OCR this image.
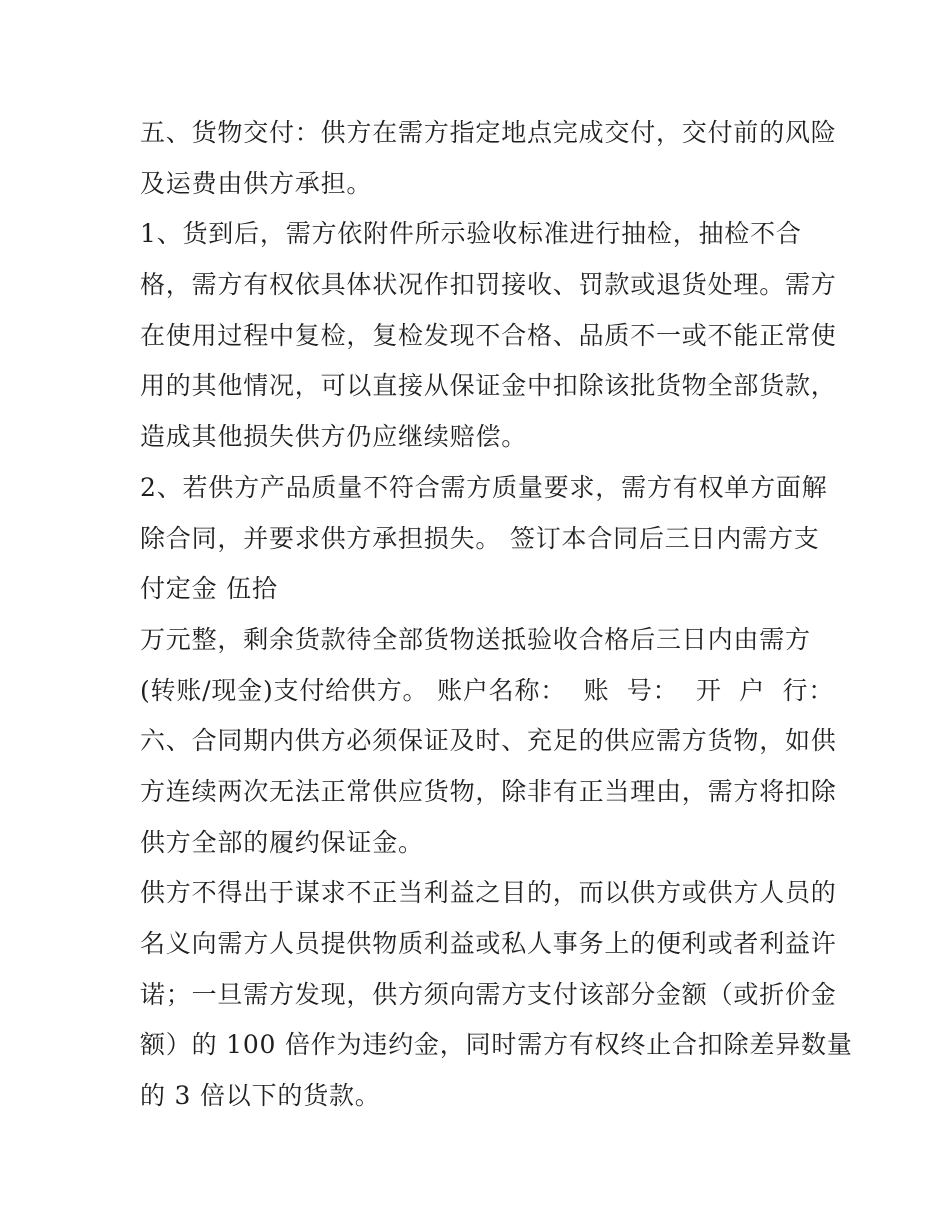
五、货物交付：供方在需方指定地点完成交付，交付前的风险
及运费由供方承担。
1、货到后，需方依附件所示验收标准进行抽检，抽检不合
格，需方有权依具体状况作扣罚接收、罚款或退货处理。需方
在使用过程中复检，复检发现不合格、品质不一或不能正常使
用的其他情况，可以直接从保证金中扣除该批货物全部货款，
造成其他损失供方仍应继续赔偿。
2、若供方产品质量不符合需方质量要求，需方有权单方面解
除合同，并要求供方承担损失。 签订本合同后三日内需方支
付定金 伍拾
万元整，剩余货款待全部货物送抵验收合格后三日内由需方
(转账/现金)支付给供方。 账户名称：  账  号：  开  户  行：
六、合同期内供方必须保证及时、充足的供应需方货物，如供
方连续两次无法正常供应货物，除非有正当理由，需方将扣除
供方全部的履约保证金。
供方不得出于谋求不正当利益之目的，而以供方或供方人员的
名义向需方人员提供物质利益或私人事务上的便利或者利益许
诺；一旦需方发现，供方须向需方支付该部分金额（或折价金
额）的 100 倍作为违约金，同时需方有权终止合扣除差异数量
的 3 倍以下的货款。
